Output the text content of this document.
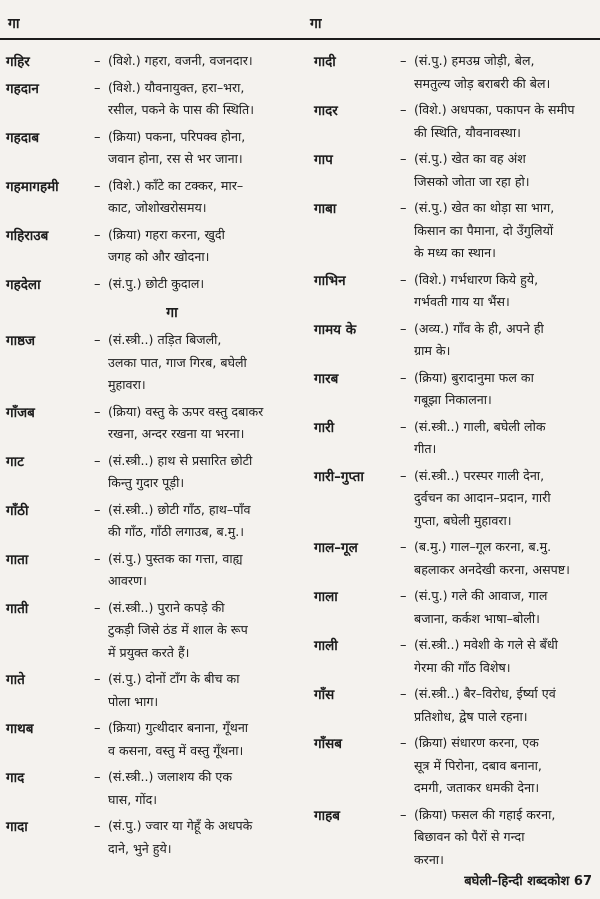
गा	गा
गहिर	– (विशे.) गहरा, वजनी, वजनदार।
गहदान	– (विशे.) यौवनायुक्त, हरा–भरा,
रसील, पकने के पास की स्थिति।
गहदाब	– (क्रिया) पकना, परिपक्व होना,
जवान होना, रस से भर जाना।
गहमागहमी	– (विशे.) काँटे का टक्कर, मार–
काट, जोशोखरोसमय।
गहिराउब	– (क्रिया) गहरा करना, खुदी
जगह को और खोदना।
गहदेला	– (सं.पु.) छोटी कुदाल।
गा
गाष्ठज	– (सं.स्त्री..) तड़ित बिजली,
उलका पात, गाज गिरब, बघेली
मुहावरा।
गाँजब	– (क्रिया) वस्तु के ऊपर वस्तु दबाकर
रखना, अन्दर रखना या भरना।
गाट	– (सं.स्त्री..) हाथ से प्रसारित छोटी
किन्तु गुदार पूड़ी।
गाँठी	– (सं.स्त्री..) छोटी गाँठ, हाथ–पाँव
की गाँठ, गाँठी लगाउब, ब.मु.।
गाता	– (सं.पु.) पुस्तक का गत्ता, वाह्य
आवरण।
गाती	– (सं.स्त्री..) पुराने कपड़े की
टुकड़ी जिसे ठंड में शाल के रूप
में प्रयुक्त करते हैं।
गाते	– (सं.पु.) दोनों टाँग के बीच का
पोला भाग।
गाथब	– (क्रिया) गुत्थीदार बनाना, गूँथना
व कसना, वस्तु में वस्तु गूँथना।
गाद	– (सं.स्त्री..) जलाशय की एक
घास, गोंद।
गादा	– (सं.पु.) ज्वार या गेहूँ के अधपके
दाने, भुने हुये।
गादी	– (सं.पु.) हमउम्र जोड़ी, बेल,
समतुल्य जोड़ बराबरी की बेल।
गादर	– (विशे.) अधपका, पकापन के समीप
की स्थिति, यौवनावस्था।
गाप	– (सं.पु.) खेत का वह अंश
जिसको जोता जा रहा हो।
गाबा	– (सं.पु.) खेत का थोड़ा सा भाग,
किसान का पैमाना, दो उँगुलियों
के मध्य का स्थान।
गाभिन	– (विशे.) गर्भधारण किये हुये,
गर्भवती गाय या भैंस।
गामय के	– (अव्य.) गाँव के ही, अपने ही
ग्राम के।
गारब	– (क्रिया) बुरादानुमा फल का
गबूझा निकालना।
गारी	– (सं.स्त्री..) गाली, बघेली लोक
गीत।
गारी–गुप्ता	– (सं.स्त्री..) परस्पर गाली देना,
दुर्वचन का आदान–प्रदान, गारी
गुप्ता, बघेली मुहावरा।
गाल–गूल	– (ब.मु.) गाल–गूल करना, ब.मु.
बहलाकर अनदेखी करना, असपष्ट।
गाला	– (सं.पु.) गले की आवाज, गाल
बजाना, कर्कश भाषा–बोली।
गाली	– (सं.स्त्री..) मवेशी के गले से बँधी
गेरमा की गाँठ विशेष।
गाँस	– (सं.स्त्री..) बैर–विरोध, ईर्ष्या एवं
प्रतिशोध, द्वेष पाले रहना।
गाँसब	– (क्रिया) संधारण करना, एक
सूत्र में पिरोना, दबाव बनाना,
दमगी, जताकर धमकी देना।
गाहब	– (क्रिया) फसल की गहाई करना,
बिछावन को पैरों से गन्दा
करना।
बघेली–हिन्दी शब्दकोश 67
